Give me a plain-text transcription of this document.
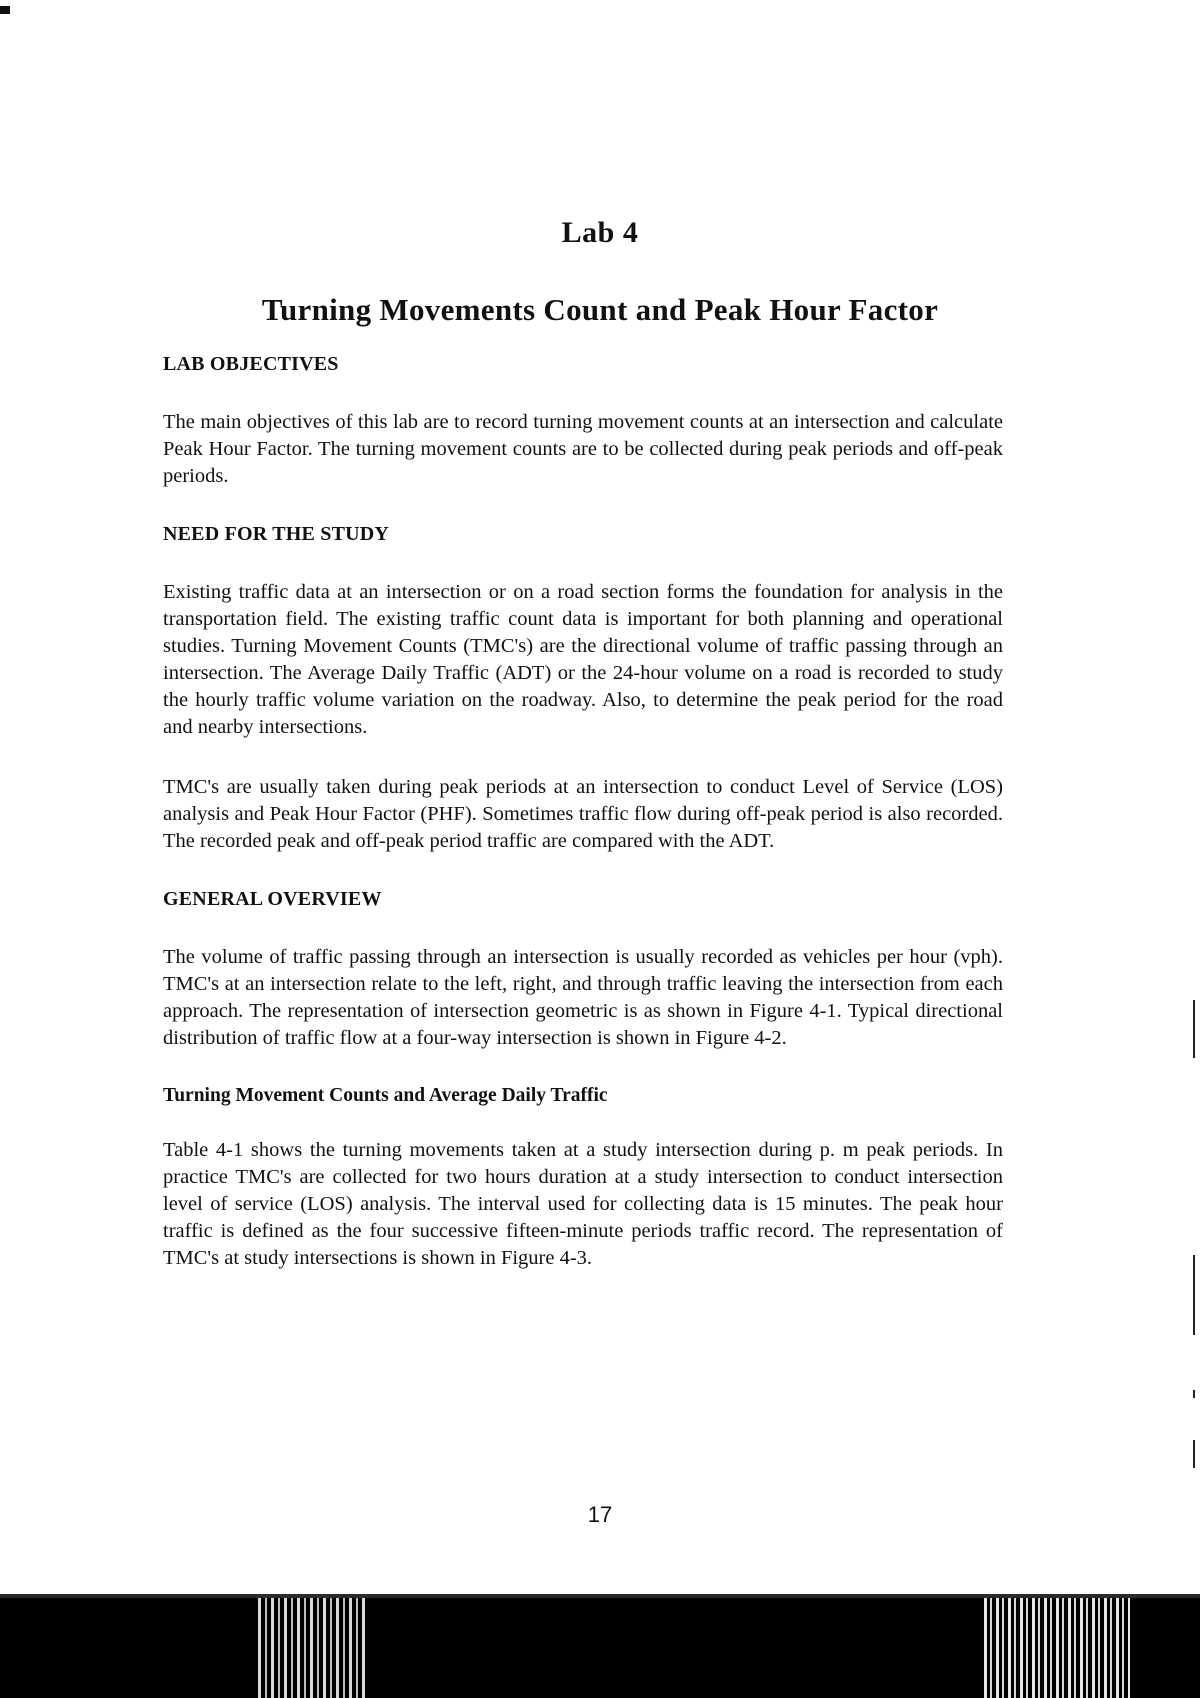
Lab 4
Turning Movements Count and Peak Hour Factor
LAB OBJECTIVES

The main objectives of this lab are to record turning movement counts at an intersection and calculate Peak Hour Factor. The turning movement counts are to be collected during peak periods and off-peak periods.

NEED FOR THE STUDY

Existing traffic data at an intersection or on a road section forms the foundation for analysis in the transportation field. The existing traffic count data is important for both planning and operational studies. Turning Movement Counts (TMC's) are the directional volume of traffic passing through an intersection. The Average Daily Traffic (ADT) or the 24-hour volume on a road is recorded to study the hourly traffic volume variation on the roadway. Also, to determine the peak period for the road and nearby intersections.

TMC's are usually taken during peak periods at an intersection to conduct Level of Service (LOS) analysis and Peak Hour Factor (PHF). Sometimes traffic flow during off-peak period is also recorded. The recorded peak and off-peak period traffic are compared with the ADT.

GENERAL OVERVIEW

The volume of traffic passing through an intersection is usually recorded as vehicles per hour (vph). TMC's at an intersection relate to the left, right, and through traffic leaving the intersection from each approach. The representation of intersection geometric is as shown in Figure 4-1. Typical directional distribution of traffic flow at a four-way intersection is shown in Figure 4-2.

Turning Movement Counts and Average Daily Traffic

Table 4-1 shows the turning movements taken at a study intersection during p. m peak periods. In practice TMC's are collected for two hours duration at a study intersection to conduct intersection level of service (LOS) analysis. The interval used for collecting data is 15 minutes. The peak hour traffic is defined as the four successive fifteen-minute periods traffic record. The representation of TMC's at study intersections is shown in Figure 4-3.

17
